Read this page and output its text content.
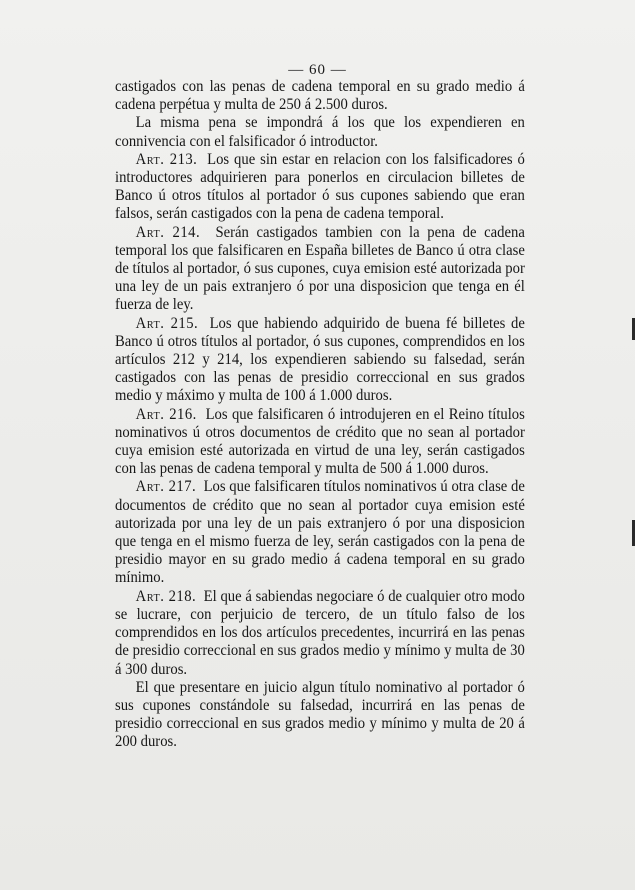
— 60 —

castigados con las penas de cadena temporal en su grado medio á cadena perpétua y multa de 250 á 2.500 duros.

La misma pena se impondrá á los que los expendieren en connivencia con el falsificador ó introductor.

Art. 213. Los que sin estar en relacion con los falsificadores ó introductores adquirieren para ponerlos en circulacion billetes de Banco ú otros títulos al portador ó sus cupones sabiendo que eran falsos, serán castigados con la pena de cadena temporal.

Art. 214. Serán castigados tambien con la pena de cadena temporal los que falsificaren en España billetes de Banco ú otra clase de títulos al portador, ó sus cupones, cuya emision esté autorizada por una ley de un pais extranjero ó por una disposicion que tenga en él fuerza de ley.

Art. 215. Los que habiendo adquirido de buena fé billetes de Banco ú otros títulos al portador, ó sus cupones, comprendidos en los artículos 212 y 214, los expendieren sabiendo su falsedad, serán castigados con las penas de presidio correccional en sus grados medio y máximo y multa de 100 á 1.000 duros.

Art. 216. Los que falsificaren ó introdujeren en el Reino títulos nominativos ú otros documentos de crédito que no sean al portador cuya emision esté autorizada en virtud de una ley, serán castigados con las penas de cadena temporal y multa de 500 á 1.000 duros.

Art. 217. Los que falsificaren títulos nominativos ú otra clase de documentos de crédito que no sean al portador cuya emision esté autorizada por una ley de un pais extranjero ó por una disposicion que tenga en el mismo fuerza de ley, serán castigados con la pena de presidio mayor en su grado medio á cadena temporal en su grado mínimo.

Art. 218. El que á sabiendas negociare ó de cualquier otro modo se lucrare, con perjuicio de tercero, de un título falso de los comprendidos en los dos artículos precedentes, incurrirá en las penas de presidio correccional en sus grados medio y mínimo y multa de 30 á 300 duros.

El que presentare en juicio algun título nominativo al portador ó sus cupones constándole su falsedad, incurrirá en las penas de presidio correccional en sus grados medio y mínimo y multa de 20 á 200 duros.
